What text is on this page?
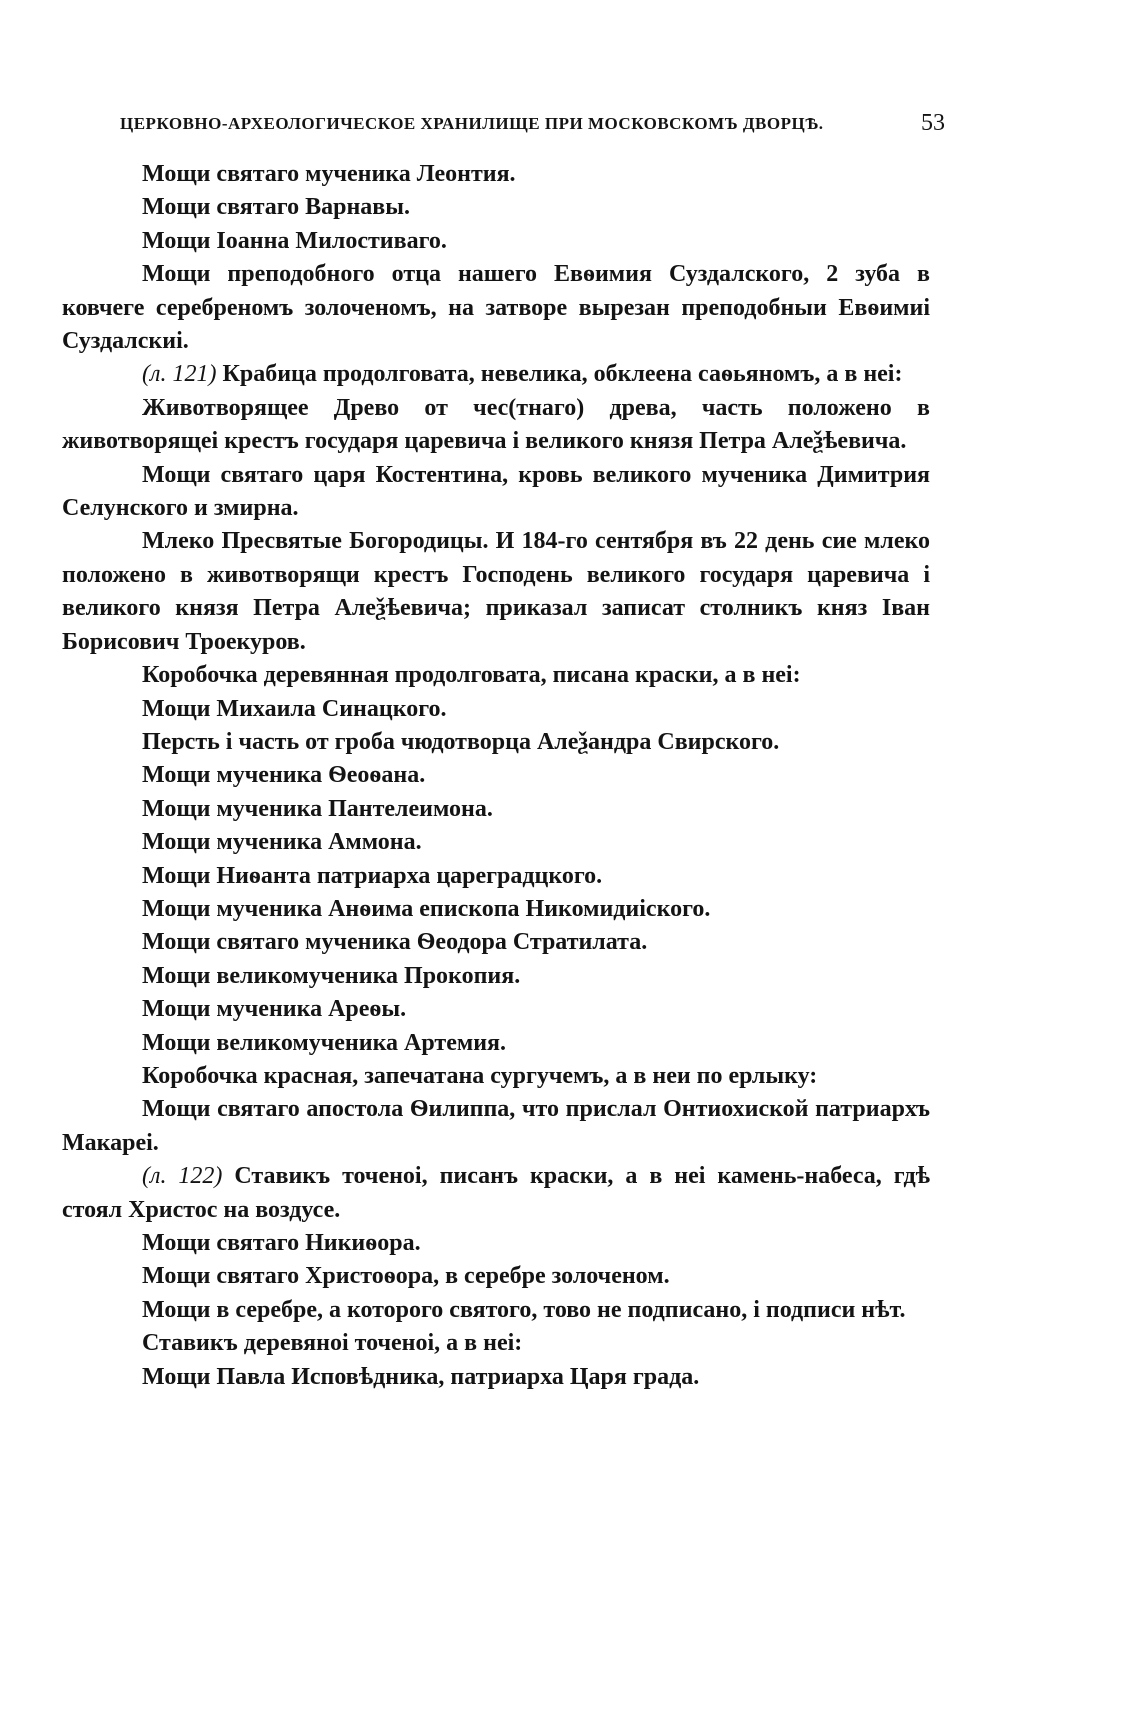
ЦЕРКОВНО-АРХЕОЛОГИЧЕСКОЕ ХРАНИЛИЩЕ ПРИ МОСКОВСКОМЪ ДВОРЦѢ.	53

Мощи святаго мученика Леонтия.

Мощи святаго Варнавы.

Мощи Іоанна Милостиваго.

Мощи преподобного отца нашего Евѳимия Суздалского, 2 зуба в ковчеге серебреномъ золоченомъ, на затворе вырезан преподобныи Евѳимиі Суздалскиі.

(л. 121) Крабица продолговата, невелика, обклеена саѳьяномъ, а в неі:

Животворящее Древо от чес(тнаго) древа, часть положено в животворящеі крестъ государя царевича і великого князя Петра Алеѯѣевича.

Мощи святаго царя Костентина, кровь великого мученика Димитрия Селунского и змирна.

Млеко Пресвятые Богородицы. И 184-го сентября въ 22 день сие млеко положено в животворящи крестъ Господень великого государя царевича і великого князя Петра Алеѯѣевича; приказал записат столникъ княз Іван Борисович Троекуров.

Коробочка деревянная продолговата, писана краски, а в неі:

Мощи Михаила Синацкого.

Персть і часть от гроба чюдотворца Алеѯандра Свирского.

Мощи мученика Ѳеоѳана.

Мощи мученика Пантелеимона.

Мощи мученика Аммона.

Мощи Ниѳанта патриарха цареградцкого.

Мощи мученика Анѳима епископа Никомидиіского.

Мощи святаго мученика Ѳеодора Стратилата.

Мощи великомученика Прокопия.

Мощи мученика Ареѳы.

Мощи великомученика Артемия.

Коробочка красная, запечатана сургучемъ, а в неи по ерлыку:

Мощи святаго апостола Ѳилиппа, что прислал Онтиохиской патриархъ Макареі.

(л. 122) Ставикъ точеноі, писанъ краски, а в неі камень-набеса, гдѣ стоял Христос на воздусе.

Мощи святаго Никиѳора.

Мощи святаго Христоѳора, в серебре золоченом.

Мощи в серебре, а которого святого, тово не подписано, і подписи нѣт.

Ставикъ деревяноі точеноі, а в неі:

Мощи Павла Исповѣдника, патриарха Царя града.
